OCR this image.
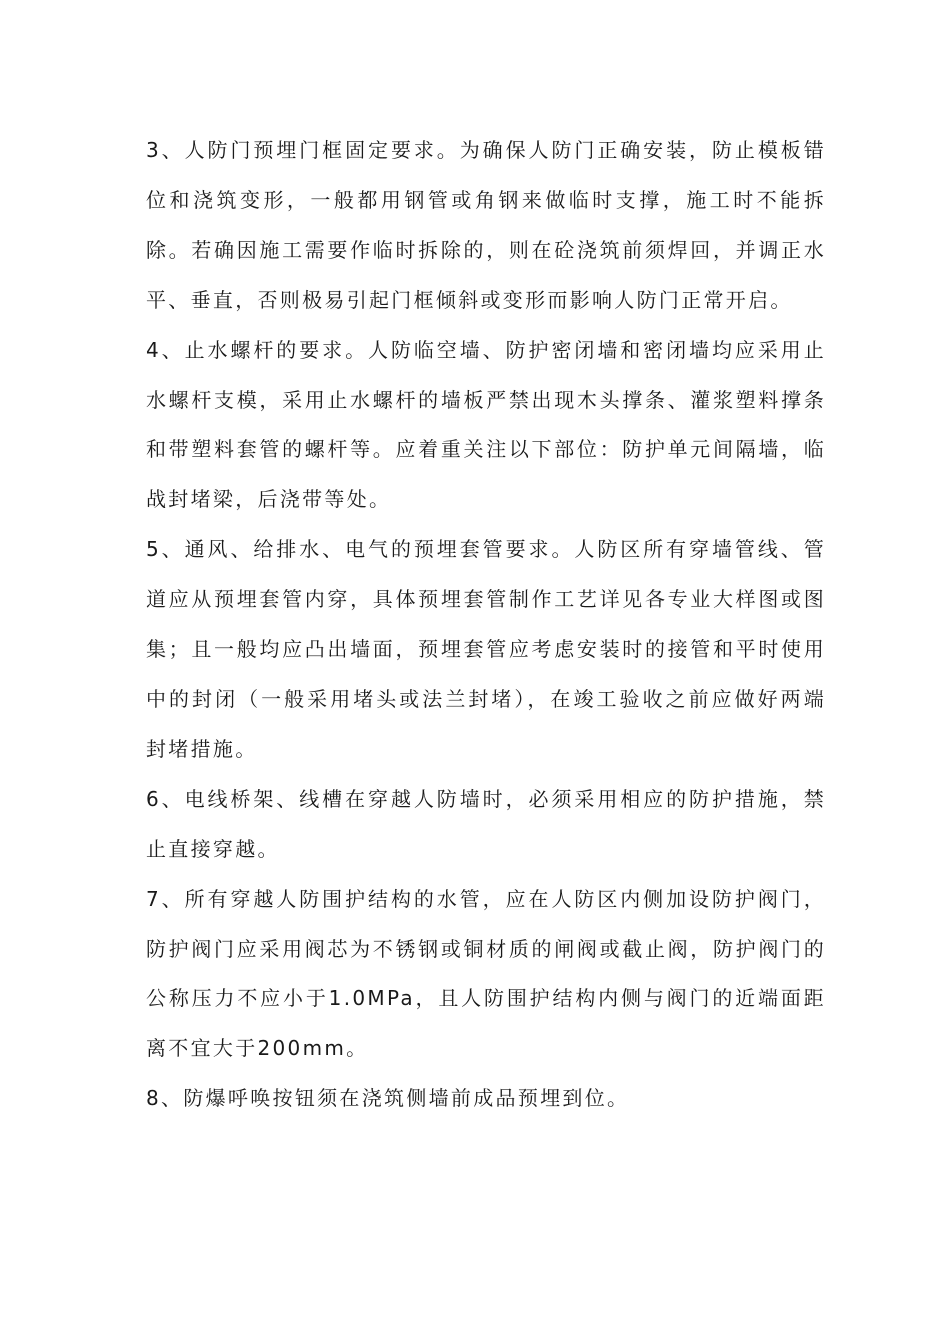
3、人防门预埋门框固定要求。为确保人防门正确安装，防止模板错位和浇筑变形，一般都用钢管或角钢来做临时支撑，施工时不能拆除。若确因施工需要作临时拆除的，则在砼浇筑前须焊回，并调正水平、垂直，否则极易引起门框倾斜或变形而影响人防门正常开启。

4、止水螺杆的要求。人防临空墙、防护密闭墙和密闭墙均应采用止水螺杆支模，采用止水螺杆的墙板严禁出现木头撑条、灌浆塑料撑条和带塑料套管的螺杆等。应着重关注以下部位：防护单元间隔墙，临战封堵梁，后浇带等处。

5、通风、给排水、电气的预埋套管要求。人防区所有穿墙管线、管道应从预埋套管内穿，具体预埋套管制作工艺详见各专业大样图或图集；且一般均应凸出墙面，预埋套管应考虑安装时的接管和平时使用中的封闭（一般采用堵头或法兰封堵），在竣工验收之前应做好两端封堵措施。

6、电线桥架、线槽在穿越人防墙时，必须采用相应的防护措施，禁止直接穿越。

7、所有穿越人防围护结构的水管，应在人防区内侧加设防护阀门，防护阀门应采用阀芯为不锈钢或铜材质的闸阀或截止阀，防护阀门的公称压力不应小于1.0MPa，且人防围护结构内侧与阀门的近端面距离不宜大于200mm。

8、防爆呼唤按钮须在浇筑侧墙前成品预埋到位。
